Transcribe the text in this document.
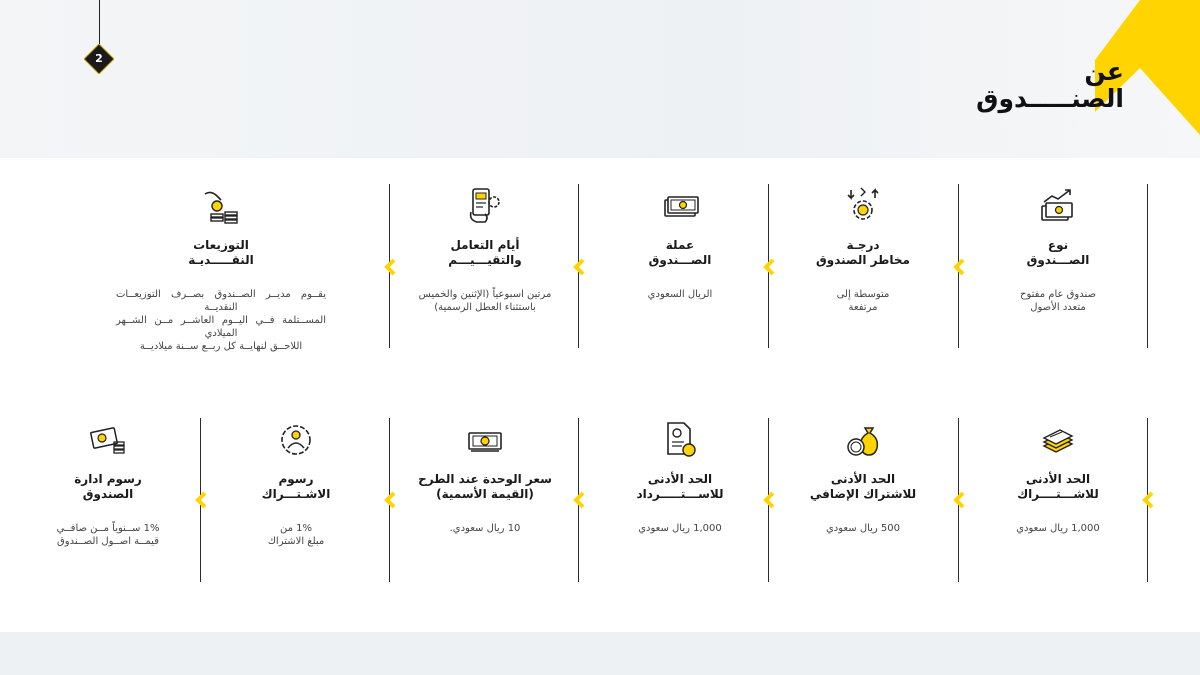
2	عن
الصنـــــدوق
نوع
الصـــندوق
صندوق عام مفتوح
متعدد الأصول
درجـة
مخاطر الصندوق
متوسطة إلى
مرتفعة
عملة
الصـــندوق
الريال السعودي
أيام التعامل
والتقيـــيـــم
مرتين اسبوعياً (الإثنين والخميس
باستثناء العطل الرسمية)
التوزيعات
النقـــــديـة
يقــوم مديــر الصــندوق بصــرف التوزيعــات النقديــة
المســتلمة فــي اليــوم العاشــر مــن الشــهر الميلادي
اللاحــق لنهايــة كل ربــع ســنة ميلاديــة
الحد الأدنى
للاشـــتــــراك
1,000 ريال سعودي
الحد الأدنى
للاشتراك الإضافي
500 ريال سعودي
الحد الأدنى
للاســـتـــــرداد
1,000 ريال سعودي
سعر الوحدة عند الطرح
(القيمة الأسمية)
10 ريال سعودي.
رسوم
الاشـتـــراك
1% من
مبلغ الاشتراك
رسوم ادارة
الصندوق
1% ســنوياً مــن صافــي
قيمــة اصــول الصــندوق
